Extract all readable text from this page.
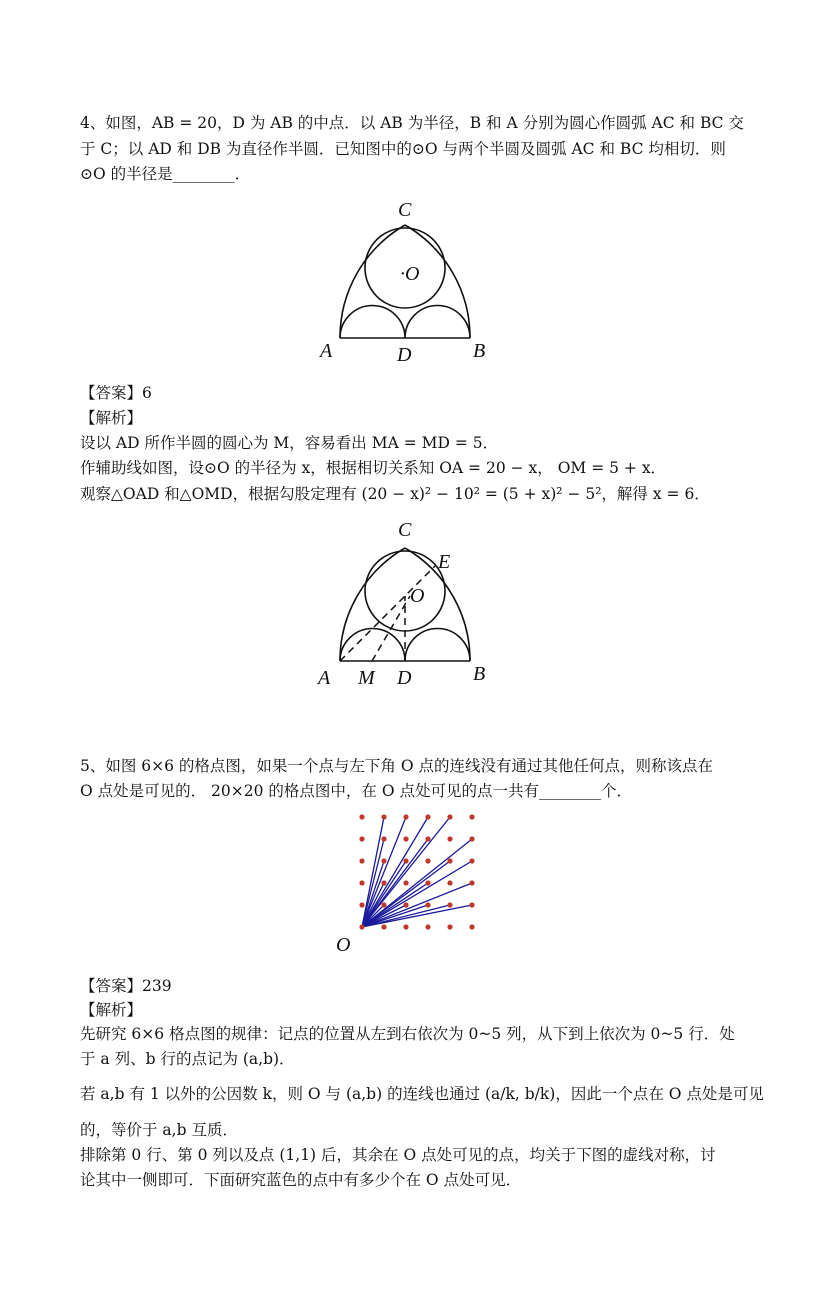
4、如图，AB = 20，D 为 AB 的中点．以 AB 为半径，B 和 A 分别为圆心作圆弧 AC 和 BC 交
于 C；以 AD 和 DB 为直径作半圆．已知图中的⊙O 与两个半圆及圆弧 AC 和 BC 均相切．则
⊙O 的半径是________．
C
·O
A	D	B
【答案】6
【解析】
设以 AD 所作半圆的圆心为 M，容易看出 MA = MD = 5．
作辅助线如图，设⊙O 的半径为 x，根据相切关系知 OA = 20 − x， OM = 5 + x．
观察△OAD 和△OMD，根据勾股定理有 (20 − x)² − 10² = (5 + x)² − 5²，解得 x = 6．
C
E
O
A M D	B
5、如图 6×6 的格点图，如果一个点与左下角 O 点的连线没有通过其他任何点，则称该点在
O 点处是可见的． 20×20 的格点图中，在 O 点处可见的点一共有________个．
O
【答案】239
【解析】
先研究 6×6 格点图的规律：记点的位置从左到右依次为 0~5 列，从下到上依次为 0~5 行．处
于 a 列、b 行的点记为 (a,b)．
若 a,b 有 1 以外的公因数 k，则 O 与 (a,b) 的连线也通过 (a/k, b/k)，因此一个点在 O 点处是可见
的，等价于 a,b 互质．
排除第 0 行、第 0 列以及点 (1,1) 后，其余在 O 点处可见的点，均关于下图的虚线对称，讨
论其中一侧即可．下面研究蓝色的点中有多少个在 O 点处可见．
